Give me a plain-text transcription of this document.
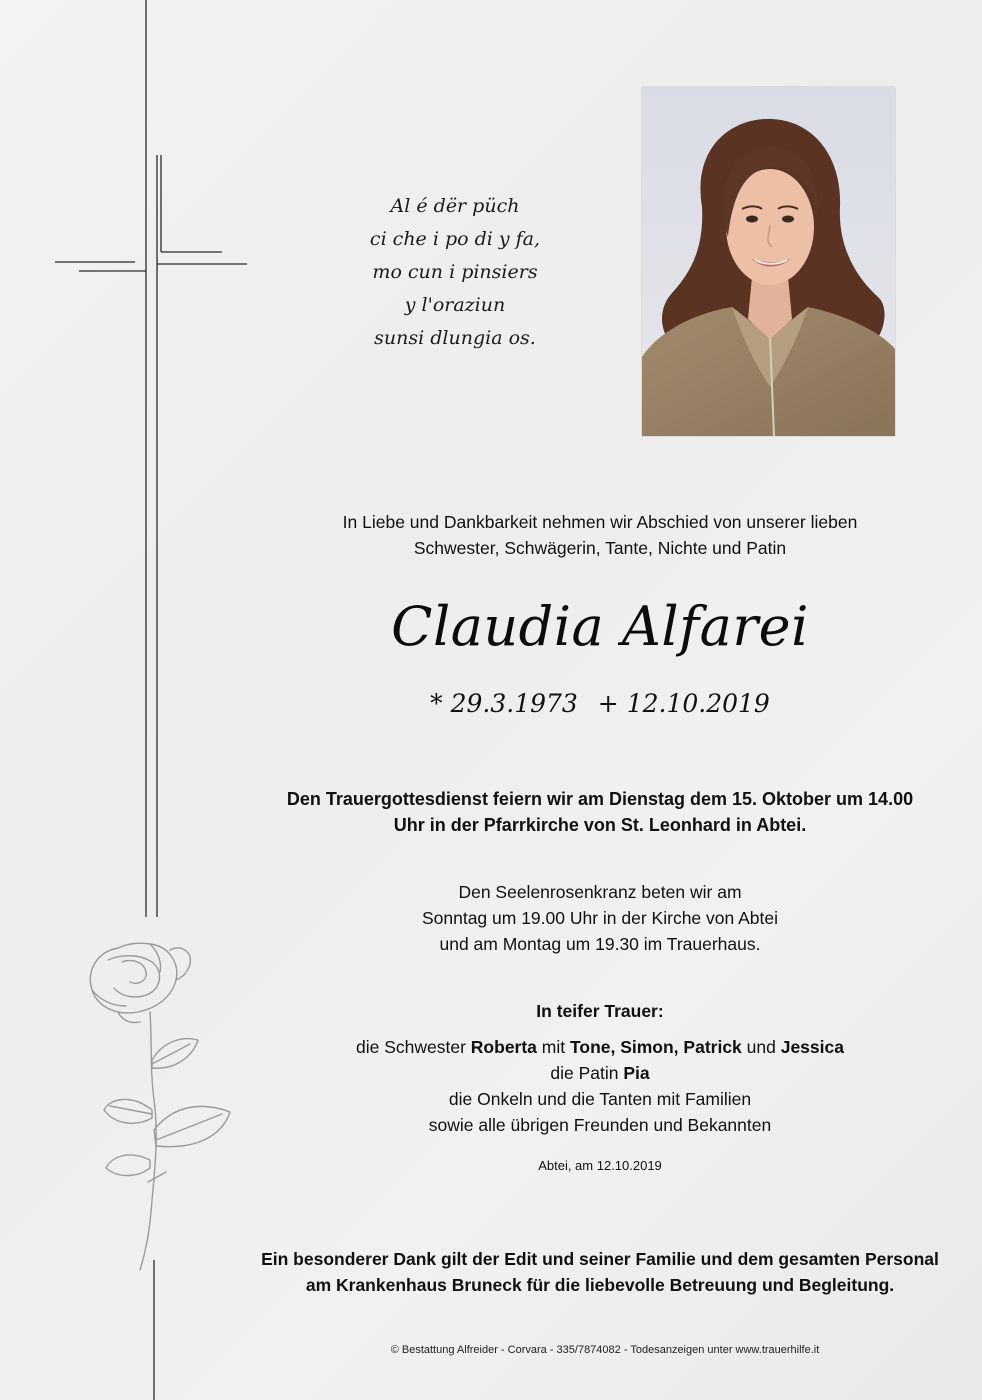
Al é dër püch
ci che i po di y fa,
mo cun i pinsiers
y l'oraziun
sunsi dlungia os.
In Liebe und Dankbarkeit nehmen wir Abschied von unserer lieben
Schwester, Schwägerin, Tante, Nichte und Patin
Claudia Alfarei
* 29.3.1973 + 12.10.2019
Den Trauergottesdienst feiern wir am Dienstag dem 15. Oktober um 14.00
Uhr in der Pfarrkirche von St. Leonhard in Abtei.
Den Seelenrosenkranz beten wir am
Sonntag um 19.00 Uhr in der Kirche von Abtei
und am Montag um 19.30 im Trauerhaus.
In teifer Trauer:
die Schwester Roberta mit Tone, Simon, Patrick und Jessica
die Patin Pia
die Onkeln und die Tanten mit Familien
sowie alle übrigen Freunden und Bekannten
Abtei, am 12.10.2019
Ein besonderer Dank gilt der Edit und seiner Familie und dem gesamten Personal
am Krankenhaus Bruneck für die liebevolle Betreuung und Begleitung.
© Bestattung Alfreider - Corvara - 335/7874082 - Todesanzeigen unter www.trauerhilfe.it
